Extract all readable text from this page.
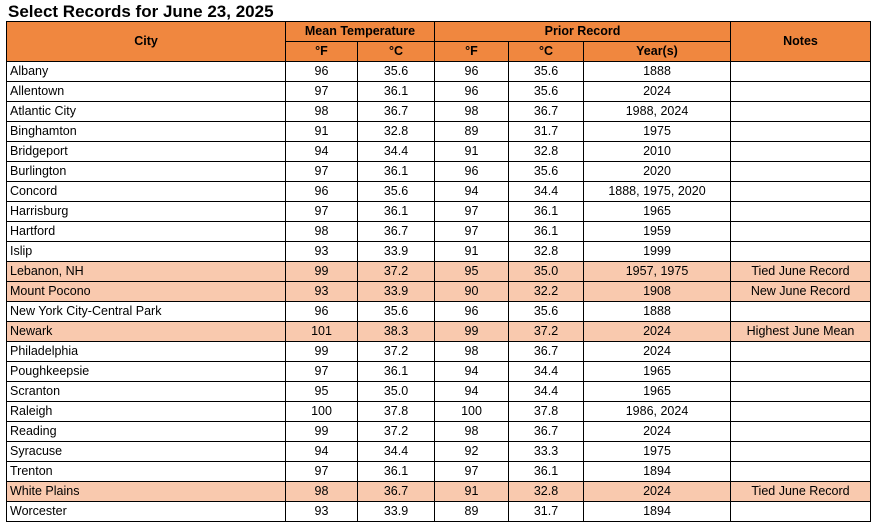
Select Records for June 23, 2025
City	Mean Temperature		Prior Record			Notes
	°F	°C	°F	°C	Year(s)	
Albany	96	35.6	96	35.6	1888	
Allentown	97	36.1	96	35.6	2024	
Atlantic City	98	36.7	98	36.7	1988, 2024	
Binghamton	91	32.8	89	31.7	1975	
Bridgeport	94	34.4	91	32.8	2010	
Burlington	97	36.1	96	35.6	2020	
Concord	96	35.6	94	34.4	1888, 1975, 2020	
Harrisburg	97	36.1	97	36.1	1965	
Hartford	98	36.7	97	36.1	1959	
Islip	93	33.9	91	32.8	1999	
Lebanon, NH	99	37.2	95	35.0	1957, 1975	Tied June Record
Mount Pocono	93	33.9	90	32.2	1908	New June Record
New York City-Central Park	96	35.6	96	35.6	1888	
Newark	101	38.3	99	37.2	2024	Highest June Mean
Philadelphia	99	37.2	98	36.7	2024	
Poughkeepsie	97	36.1	94	34.4	1965	
Scranton	95	35.0	94	34.4	1965	
Raleigh	100	37.8	100	37.8	1986, 2024	
Reading	99	37.2	98	36.7	2024	
Syracuse	94	34.4	92	33.3	1975	
Trenton	97	36.1	97	36.1	1894	
White Plains	98	36.7	91	32.8	2024	Tied June Record
Worcester	93	33.9	89	31.7	1894	
